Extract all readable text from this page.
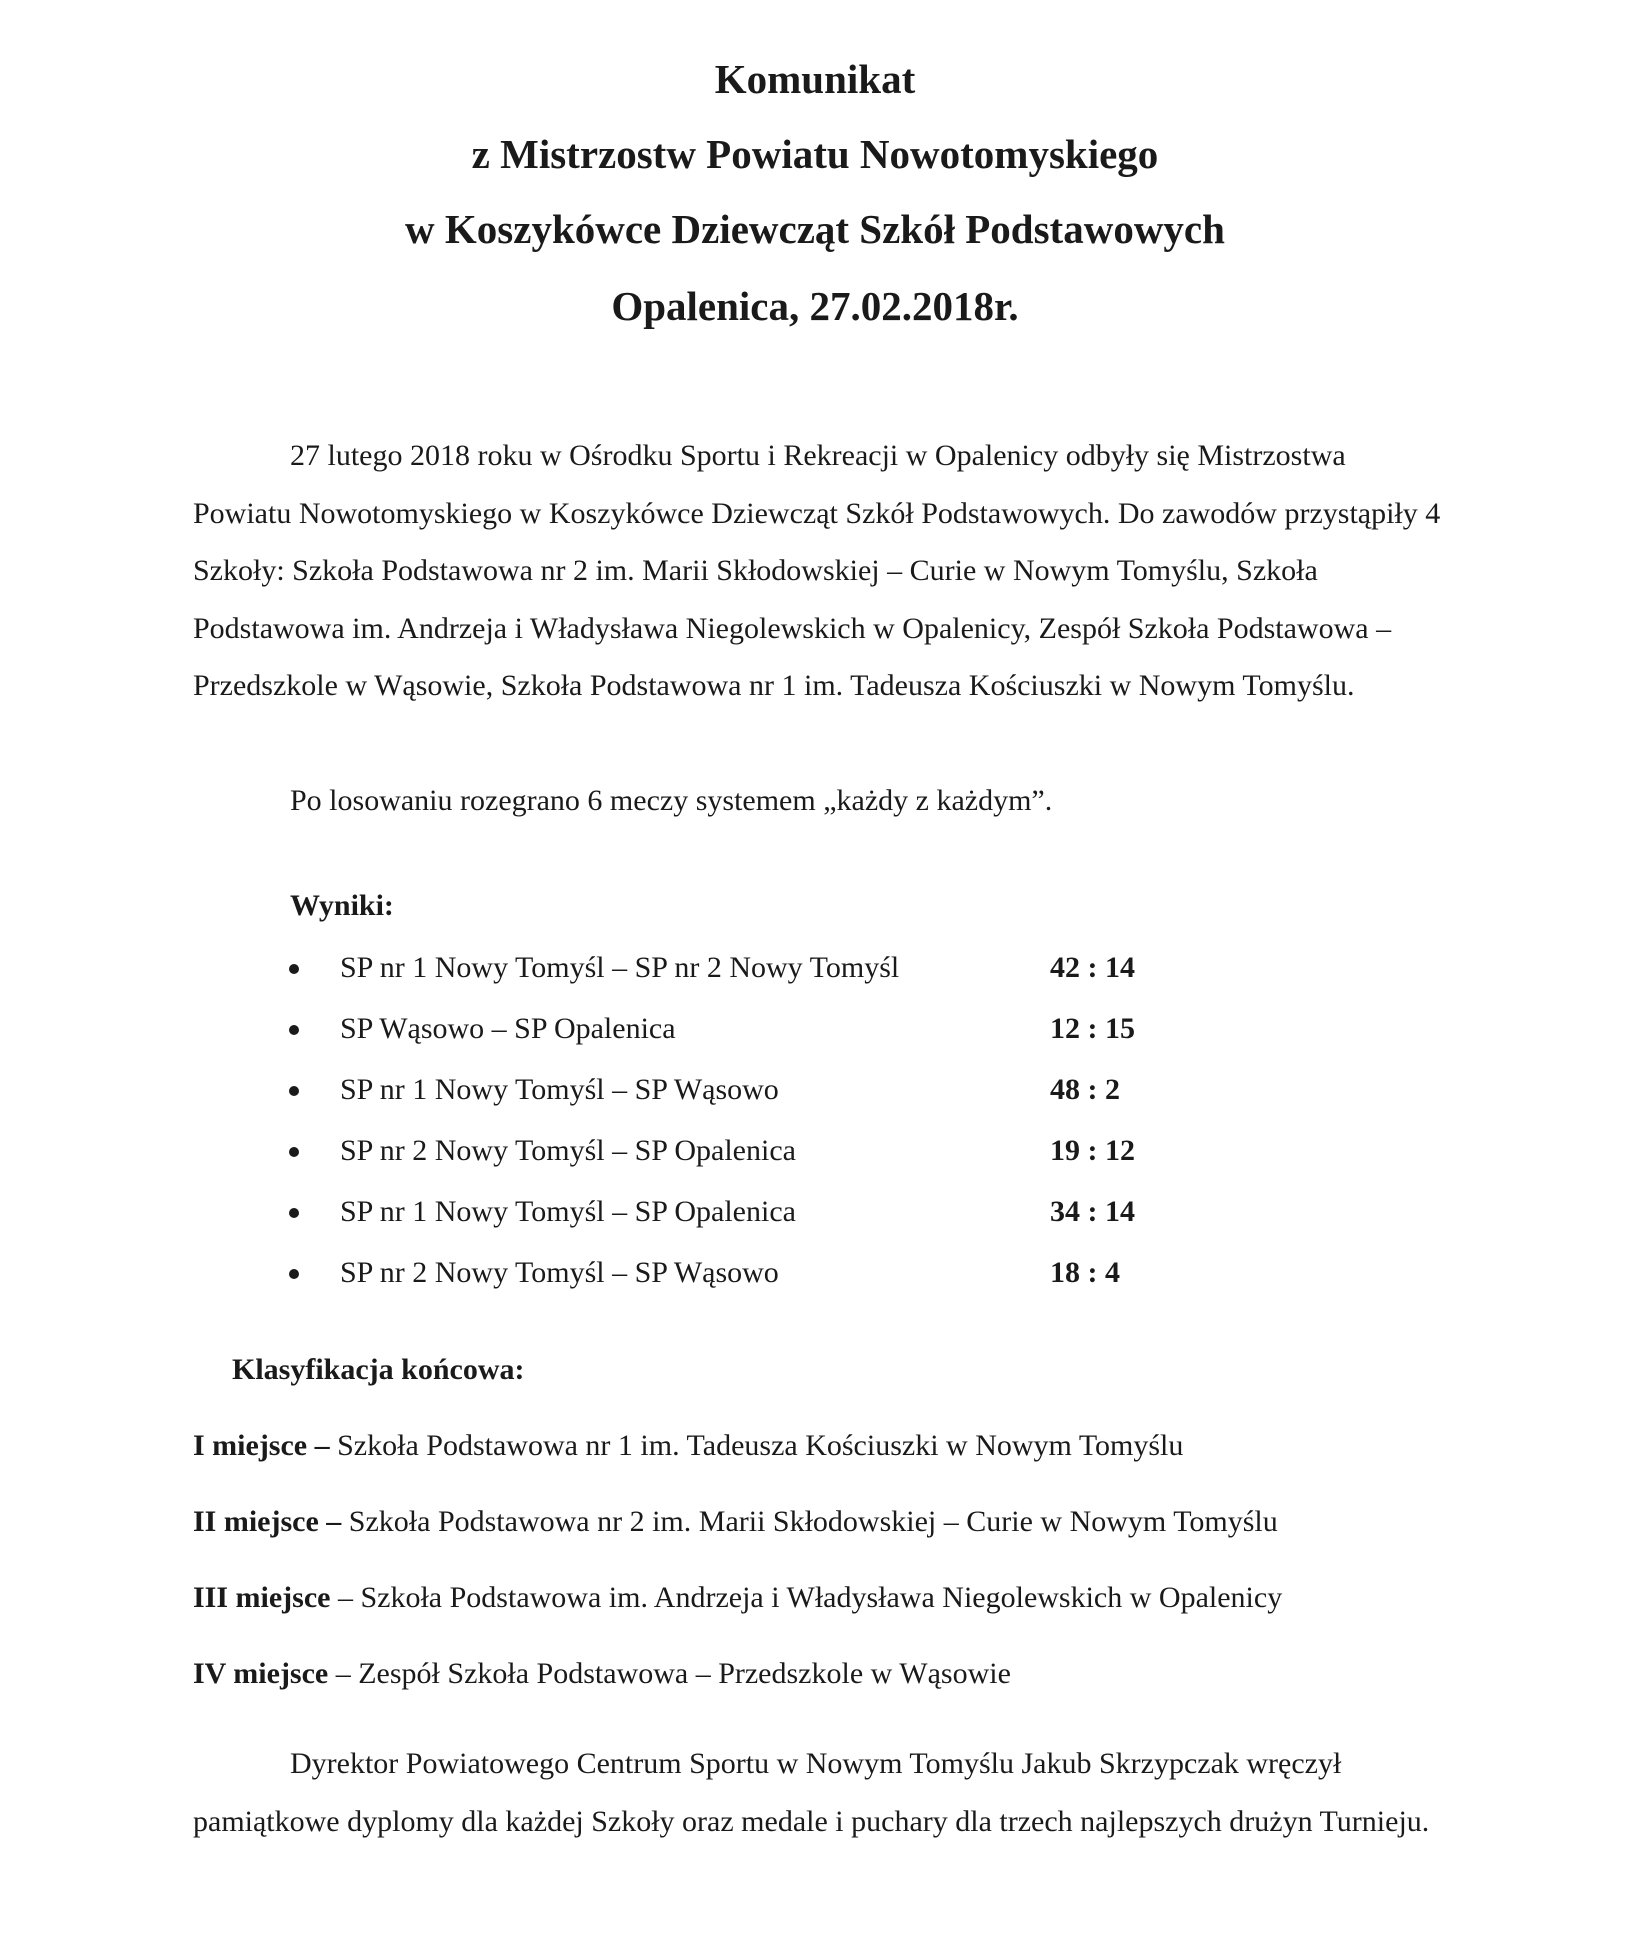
Komunikat
z Mistrzostw Powiatu Nowotomyskiego
w Koszykówce Dziewcząt Szkół Podstawowych
Opalenica, 27.02.2018r.

27 lutego 2018 roku w Ośrodku Sportu i Rekreacji w Opalenicy odbyły się Mistrzostwa Powiatu Nowotomyskiego w Koszykówce Dziewcząt Szkół Podstawowych. Do zawodów przystąpiły 4 Szkoły: Szkoła Podstawowa nr 2 im. Marii Skłodowskiej – Curie w Nowym Tomyślu, Szkoła Podstawowa im. Andrzeja i Władysława Niegolewskich w Opalenicy, Zespół Szkoła Podstawowa – Przedszkole w Wąsowie, Szkoła Podstawowa nr 1 im. Tadeusza Kościuszki w Nowym Tomyślu.

Po losowaniu rozegrano 6 meczy systemem „każdy z każdym”.

Wyniki:
SP nr 1 Nowy Tomyśl – SP nr 2 Nowy Tomyśl	42 : 14
SP Wąsowo – SP Opalenica	12 : 15
SP nr 1 Nowy Tomyśl – SP Wąsowo	48 : 2
SP nr 2 Nowy Tomyśl – SP Opalenica	19 : 12
SP nr 1 Nowy Tomyśl – SP Opalenica	34 : 14
SP nr 2 Nowy Tomyśl – SP Wąsowo	18 : 4
Klasyfikacja końcowa:

I miejsce – Szkoła Podstawowa nr 1 im. Tadeusza Kościuszki w Nowym Tomyślu

II miejsce – Szkoła Podstawowa nr 2 im. Marii Skłodowskiej – Curie w Nowym Tomyślu

III miejsce – Szkoła Podstawowa im. Andrzeja i Władysława Niegolewskich w Opalenicy

IV miejsce – Zespół Szkoła Podstawowa – Przedszkole w Wąsowie

Dyrektor Powiatowego Centrum Sportu w Nowym Tomyślu Jakub Skrzypczak wręczył pamiątkowe dyplomy dla każdej Szkoły oraz medale i puchary dla trzech najlepszych drużyn Turnieju.
